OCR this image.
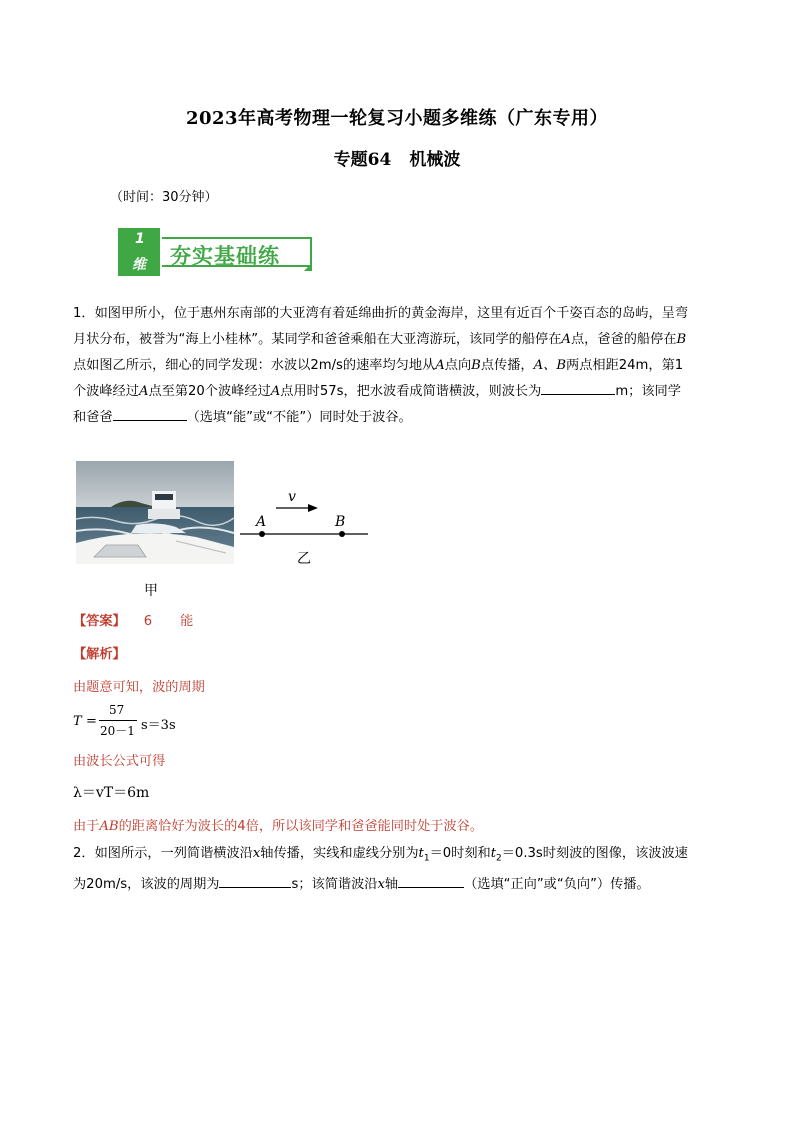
2023年高考物理一轮复习小题多维练（广东专用）
专题64 机械波
（时间：30分钟）
1
维 夯实基础练
1．如图甲所小，位于惠州东南部的大亚湾有着延绵曲折的黄金海岸，这里有近百个千姿百态的岛屿，呈弯
月状分布，被誉为“海上小桂林”。某同学和爸爸乘船在大亚湾游玩，该同学的船停在A点，爸爸的船停在B
点如图乙所示，细心的同学发现：水波以2m/s的速率均匀地从A点向B点传播，A、B两点相距24m，第1
个波峰经过A点至第20个波峰经过A点用时57s，把水波看成简谐横波，则波长为	m；该同学
和爸爸	（选填“能”或“不能”）同时处于波谷。
甲
v
A	B
乙
【答案】 6 能
【解析】
由题意可知，波的周期
T =
57
20－1 s＝3s
由波长公式可得
λ＝vT＝6m
由于AB的距离恰好为波长的4倍，所以该同学和爸爸能同时处于波谷。
2．如图所示，一列简谐横波沿x轴传播，实线和虚线分别为$t_1=0$时刻和$t_2=0.3s$时刻波的图像，该波波速
为20m/s，该波的周期为	s；该简谐波沿x轴	（选填“正向”或“负向”）传播。
